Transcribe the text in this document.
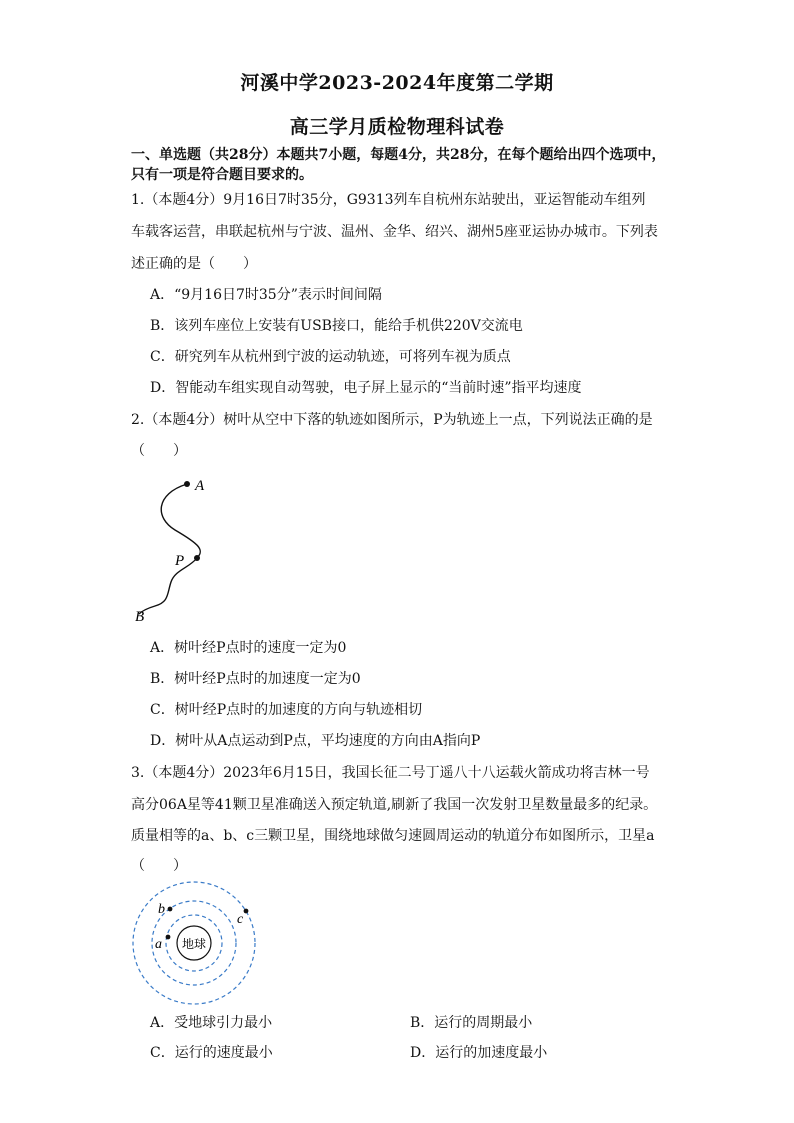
河溪中学2023-2024年度第二学期
高三学月质检物理科试卷
一、单选题（共28分）本题共7小题，每题4分，共28分，在每个题给出四个选项中，
只有一项是符合题目要求的。
1.（本题4分）9月16日7时35分，G9313列车自杭州东站驶出，亚运智能动车组列
车载客运营，串联起杭州与宁波、温州、金华、绍兴、湖州5座亚运协办城市。下列表
述正确的是（　　）
A．“9月16日7时35分”表示时间间隔
B．该列车座位上安装有USB接口，能给手机供220V交流电
C．研究列车从杭州到宁波的运动轨迹，可将列车视为质点
D．智能动车组实现自动驾驶，电子屏上显示的“当前时速”指平均速度
2.（本题4分）树叶从空中下落的轨迹如图所示，P为轨迹上一点，下列说法正确的是
（　　）
A
P
B
A．树叶经P点时的速度一定为0
B．树叶经P点时的加速度一定为0
C．树叶经P点时的加速度的方向与轨迹相切
D．树叶从A点运动到P点，平均速度的方向由A指向P
3.（本题4分）2023年6月15日，我国长征二号丁遥八十八运载火箭成功将吉林一号
高分06A星等41颗卫星准确送入预定轨道,刷新了我国一次发射卫星数量最多的纪录。
质量相等的a、b、c三颗卫星，围绕地球做匀速圆周运动的轨道分布如图所示，卫星a
（　　）
地球
a
b
c
A．受地球引力最小	B．运行的周期最小
C．运行的速度最小	D．运行的加速度最小
